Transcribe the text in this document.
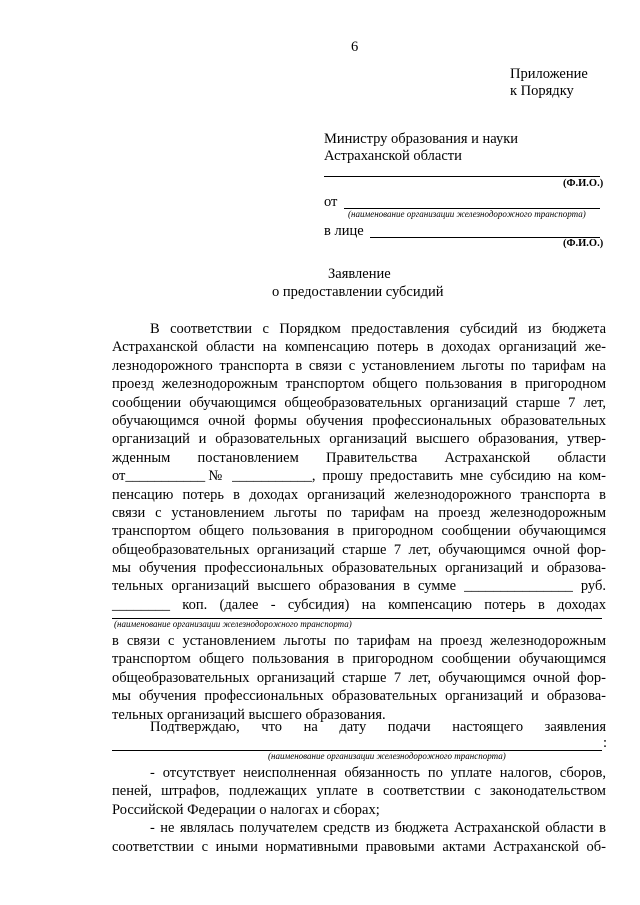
6
Приложение
к Порядку
Министру образования и науки
Астраханской области
(Ф.И.О.)
от
(наименование организации железнодорожного транспорта)
в лице
(Ф.И.О.)
Заявление
о предоставлении субсидий
В соответствии с Порядком предоставления субсидий из бюджета
Астраханской области на компенсацию потерь в доходах организаций же-
лезнодорожного транспорта в связи с установлением льготы по тарифам на
проезд железнодорожным транспортом общего пользования в пригородном
сообщении обучающимся общеобразовательных организаций старше 7 лет,
обучающимся очной формы обучения профессиональных образовательных
организаций и образовательных организаций высшего образования, утвер-
жденным постановлением Правительства Астраханской области
от___________№ ___________, прошу предоставить мне субсидию на ком-
пенсацию потерь в доходах организаций железнодорожного транспорта в
связи с установлением льготы по тарифам на проезд железнодорожным
транспортом общего пользования в пригородном сообщении обучающимся
общеобразовательных организаций старше 7 лет, обучающимся очной фор-
мы обучения профессиональных образовательных организаций и образова-
тельных организаций высшего образования в сумме _______________ руб.
________ коп. (далее - субсидия) на компенсацию потерь в доходах
(наименование организации железнодорожного транспорта)
в связи с установлением льготы по тарифам на проезд железнодорожным
транспортом общего пользования в пригородном сообщении обучающимся
общеобразовательных организаций старше 7 лет, обучающимся очной фор-
мы обучения профессиональных образовательных организаций и образова-
тельных организаций высшего образования.
Подтверждаю, что на дату подачи настоящего заявления
:
(наименование организации железнодорожного транспорта)
- отсутствует неисполненная обязанность по уплате налогов, сборов,
пеней, штрафов, подлежащих уплате в соответствии с законодательством
Российской Федерации о налогах и сборах;
- не являлась получателем средств из бюджета Астраханской области в
соответствии с иными нормативными правовыми актами Астраханской об-
